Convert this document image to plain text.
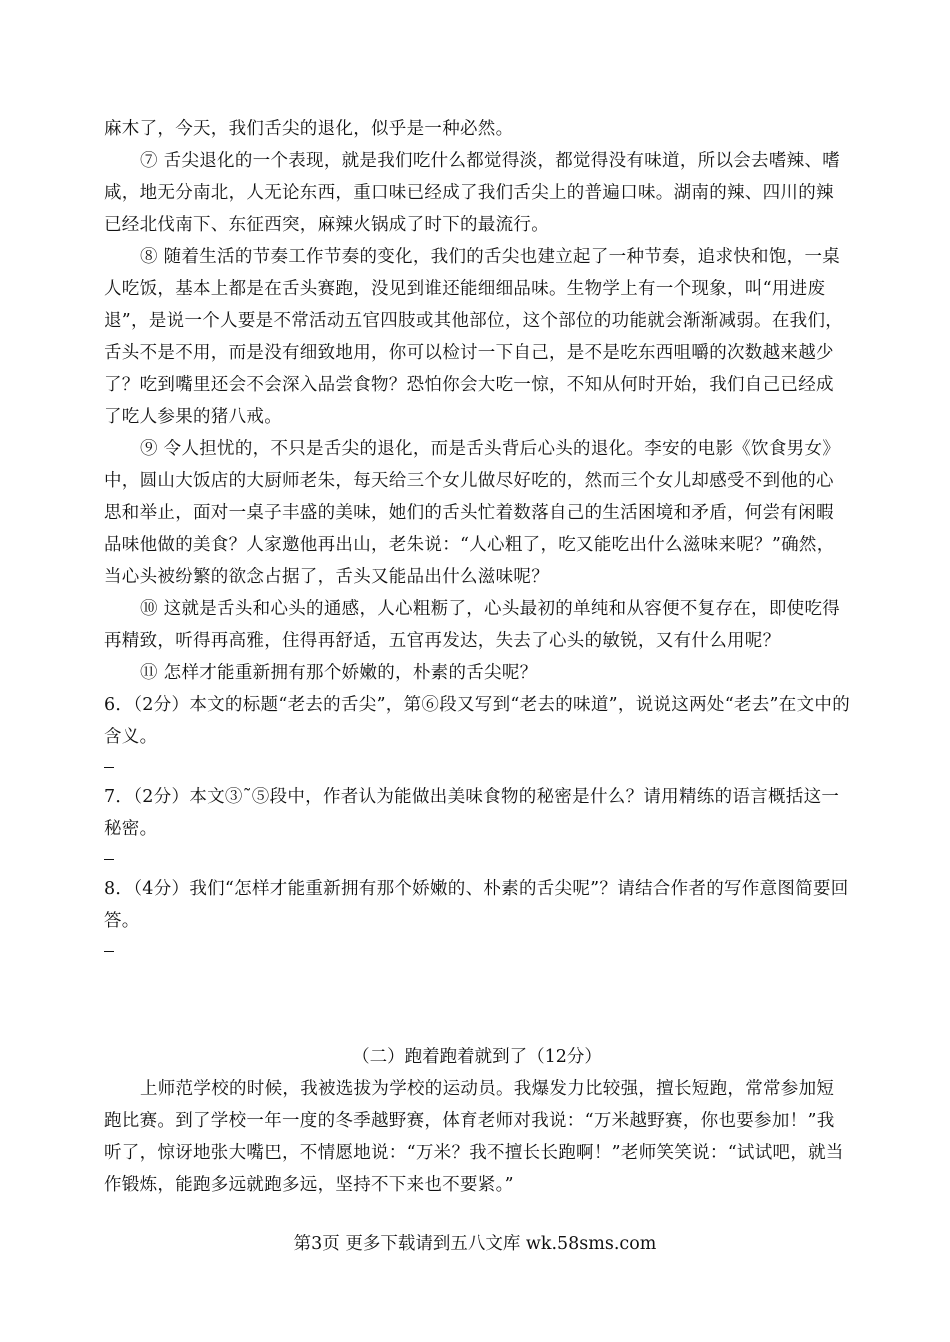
麻木了，今天，我们舌尖的退化，似乎是一种必然。

⑦ 舌尖退化的一个表现，就是我们吃什么都觉得淡，都觉得没有味道，所以会去嗜辣、嗜咸，地无分南北，人无论东西，重口味已经成了我们舌尖上的普遍口味。湖南的辣、四川的辣已经北伐南下、东征西突，麻辣火锅成了时下的最流行。

⑧ 随着生活的节奏工作节奏的变化，我们的舌尖也建立起了一种节奏，追求快和饱，一桌人吃饭，基本上都是在舌头赛跑，没见到谁还能细细品味。生物学上有一个现象，叫“用进废退”，是说一个人要是不常活动五官四肢或其他部位，这个部位的功能就会渐渐减弱。在我们，舌头不是不用，而是没有细致地用，你可以检讨一下自己，是不是吃东西咀嚼的次数越来越少了？吃到嘴里还会不会深入品尝食物？恐怕你会大吃一惊，不知从何时开始，我们自己已经成了吃人参果的猪八戒。

⑨ 令人担忧的，不只是舌尖的退化，而是舌头背后心头的退化。李安的电影《饮食男女》中，圆山大饭店的大厨师老朱，每天给三个女儿做尽好吃的，然而三个女儿却感受不到他的心思和举止，面对一桌子丰盛的美味，她们的舌头忙着数落自己的生活困境和矛盾，何尝有闲暇品味他做的美食？人家邀他再出山，老朱说：“人心粗了，吃又能吃出什么滋味来呢？”确然，当心头被纷繁的欲念占据了，舌头又能品出什么滋味呢？

⑩ 这就是舌头和心头的通感，人心粗粝了，心头最初的单纯和从容便不复存在，即使吃得再精致，听得再高雅，住得再舒适，五官再发达，失去了心头的敏锐，又有什么用呢？

⑪ 怎样才能重新拥有那个娇嫩的，朴素的舌尖呢？

6．（2分）本文的标题“老去的舌尖”，第⑥段又写到“老去的味道”，说说这两处“老去”在文中的含义。

7．（2分）本文③˜⑤段中，作者认为能做出美味食物的秘密是什么？请用精练的语言概括这一秘密。

8．（4分）我们“怎样才能重新拥有那个娇嫩的、朴素的舌尖呢”？请结合作者的写作意图简要回答。

（二）跑着跑着就到了（12分）

上师范学校的时候，我被选拔为学校的运动员。我爆发力比较强，擅长短跑，常常参加短跑比赛。到了学校一年一度的冬季越野赛，体育老师对我说：“万米越野赛，你也要参加！”我听了，惊讶地张大嘴巴，不情愿地说：“万米？我不擅长长跑啊！”老师笑笑说：“试试吧，就当作锻炼，能跑多远就跑多远，坚持不下来也不要紧。”

第3页 更多下载请到五八文库 wk.58sms.com
